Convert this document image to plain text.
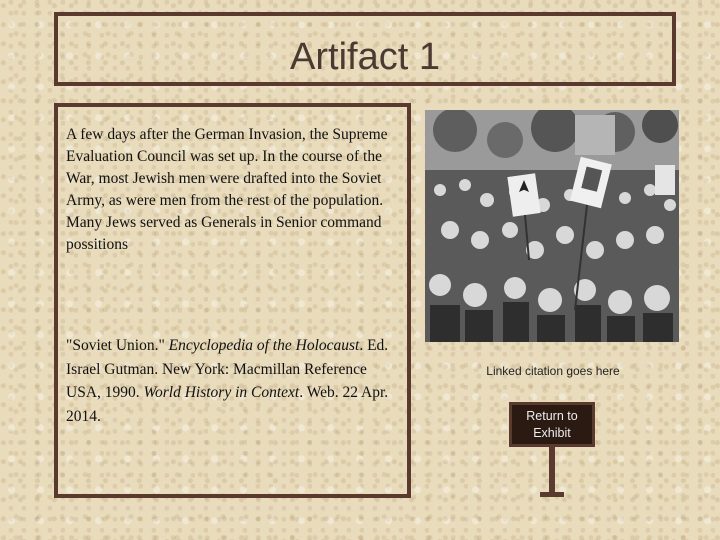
Artifact 1
A few days after the German Invasion, the Supreme Evaluation Council was set up. In the course of the War, most Jewish men were drafted into the Soviet Army, as were men from the rest of the population. Many Jews served as Generals in Senior command possitions
"Soviet Union." Encyclopedia of the Holocaust. Ed. Israel Gutman. New York: Macmillan Reference USA, 1990. World History in Context. Web. 22 Apr. 2014.
Linked citation goes here
Return to
Exhibit
